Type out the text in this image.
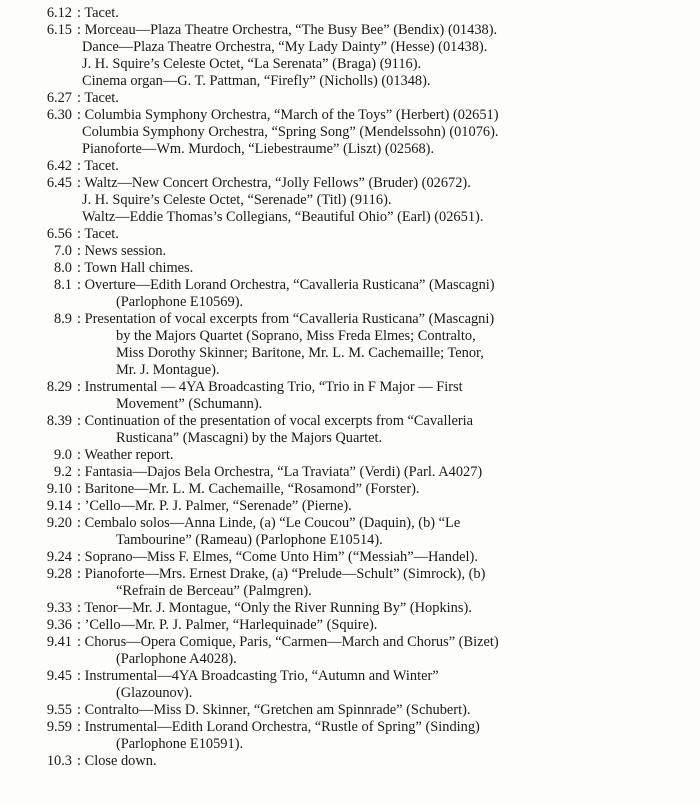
6.12 : Tacet.
6.15 : Morceau—Plaza Theatre Orchestra, “The Busy Bee” (Bendix) (01438).
Dance—Plaza Theatre Orchestra, “My Lady Dainty” (Hesse) (01438).
J. H. Squire’s Celeste Octet, “La Serenata” (Braga) (9116).
Cinema organ—G. T. Pattman, “Firefly” (Nicholls) (01348).
6.27 : Tacet.
6.30 : Columbia Symphony Orchestra, “March of the Toys” (Herbert) (02651)
Columbia Symphony Orchestra, “Spring Song” (Mendelssohn) (01076).
Pianoforte—Wm. Murdoch, “Liebestraume” (Liszt) (02568).
6.42 : Tacet.
6.45 : Waltz—New Concert Orchestra, “Jolly Fellows” (Bruder) (02672).
J. H. Squire’s Celeste Octet, “Serenade” (Titl) (9116).
Waltz—Eddie Thomas’s Collegians, “Beautiful Ohio” (Earl) (02651).
6.56 : Tacet.
7.0 : News session.
8.0 : Town Hall chimes.
8.1 : Overture—Edith Lorand Orchestra, “Cavalleria Rusticana” (Mascagni)
(Parlophone E10569).
8.9 : Presentation of vocal excerpts from “Cavalleria Rusticana” (Mascagni)
by the Majors Quartet (Soprano, Miss Freda Elmes; Contralto,
Miss Dorothy Skinner; Baritone, Mr. L. M. Cachemaille; Tenor,
Mr. J. Montague).
8.29 : Instrumental — 4YA Broadcasting Trio, “Trio in F Major — First
Movement” (Schumann).
8.39 : Continuation of the presentation of vocal excerpts from “Cavalleria
Rusticana” (Mascagni) by the Majors Quartet.
9.0 : Weather report.
9.2 : Fantasia—Dajos Bela Orchestra, “La Traviata” (Verdi) (Parl. A4027)
9.10 : Baritone—Mr. L. M. Cachemaille, “Rosamond” (Forster).
9.14 : ’Cello—Mr. P. J. Palmer, “Serenade” (Pierne).
9.20 : Cembalo solos—Anna Linde, (a) “Le Coucou” (Daquin), (b) “Le
Tambourine” (Rameau) (Parlophone E10514).
9.24 : Soprano—Miss F. Elmes, “Come Unto Him” (“Messiah”—Handel).
9.28 : Pianoforte—Mrs. Ernest Drake, (a) “Prelude—Schult” (Simrock), (b)
“Refrain de Berceau” (Palmgren).
9.33 : Tenor—Mr. J. Montague, “Only the River Running By” (Hopkins).
9.36 : ’Cello—Mr. P. J. Palmer, “Harlequinade” (Squire).
9.41 : Chorus—Opera Comique, Paris, “Carmen—March and Chorus” (Bizet)
(Parlophone A4028).
9.45 : Instrumental—4YA Broadcasting Trio, “Autumn and Winter”
(Glazounov).
9.55 : Contralto—Miss D. Skinner, “Gretchen am Spinnrade” (Schubert).
9.59 : Instrumental—Edith Lorand Orchestra, “Rustle of Spring” (Sinding)
(Parlophone E10591).
10.3 : Close down.
